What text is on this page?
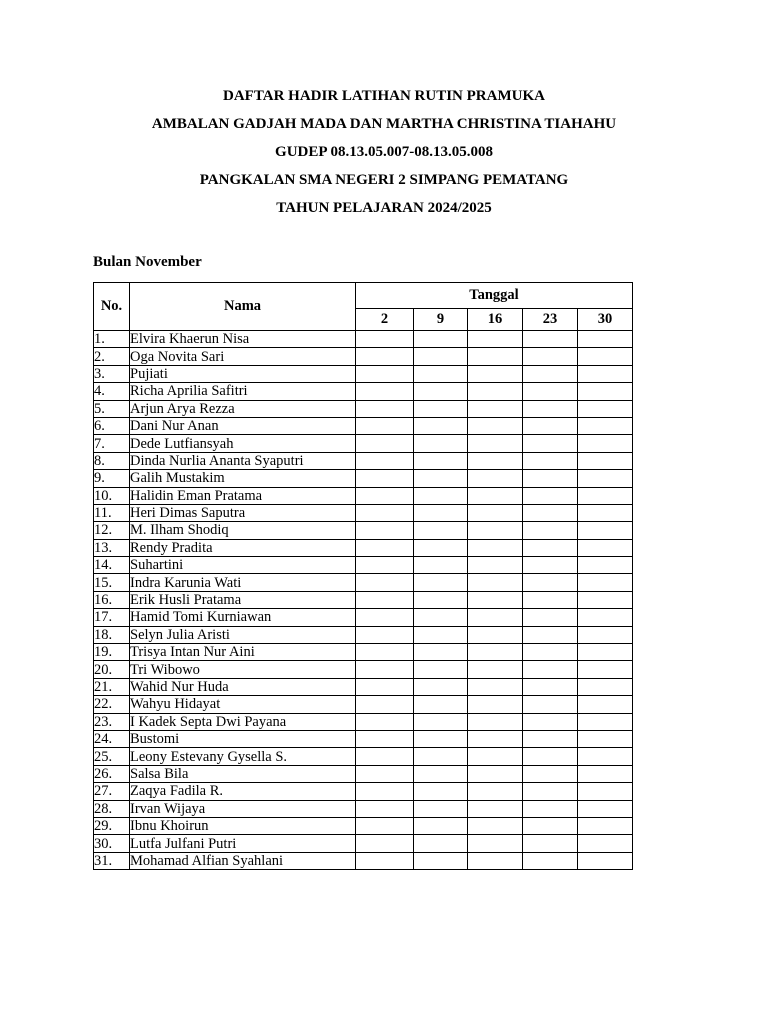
DAFTAR HADIR LATIHAN RUTIN PRAMUKA
AMBALAN GADJAH MADA DAN MARTHA CHRISTINA TIAHAHU
GUDEP 08.13.05.007-08.13.05.008
PANGKALAN SMA NEGERI 2 SIMPANG PEMATANG
TAHUN PELAJARAN 2024/2025
Bulan November
No.	Nama	Tanggal				
		2	9	16	23	30
1.	Elvira Khaerun Nisa					
2.	Oga Novita Sari					
3.	Pujiati					
4.	Richa Aprilia Safitri					
5.	Arjun Arya Rezza					
6.	Dani Nur Anan					
7.	Dede Lutfiansyah					
8.	Dinda Nurlia Ananta Syaputri					
9.	Galih Mustakim					
10.	Halidin Eman Pratama					
11.	Heri Dimas Saputra					
12.	M. Ilham Shodiq					
13.	Rendy Pradita					
14.	Suhartini					
15.	Indra Karunia Wati					
16.	Erik Husli Pratama					
17.	Hamid Tomi Kurniawan					
18.	Selyn Julia Aristi					
19.	Trisya Intan Nur Aini					
20.	Tri Wibowo					
21.	Wahid Nur Huda					
22.	Wahyu Hidayat					
23.	I Kadek Septa Dwi Payana					
24.	Bustomi					
25.	Leony Estevany Gysella S.					
26.	Salsa Bila					
27.	Zaqya Fadila R.					
28.	Irvan Wijaya					
29.	Ibnu Khoirun					
30.	Lutfa Julfani Putri					
31.	Mohamad Alfian Syahlani					
